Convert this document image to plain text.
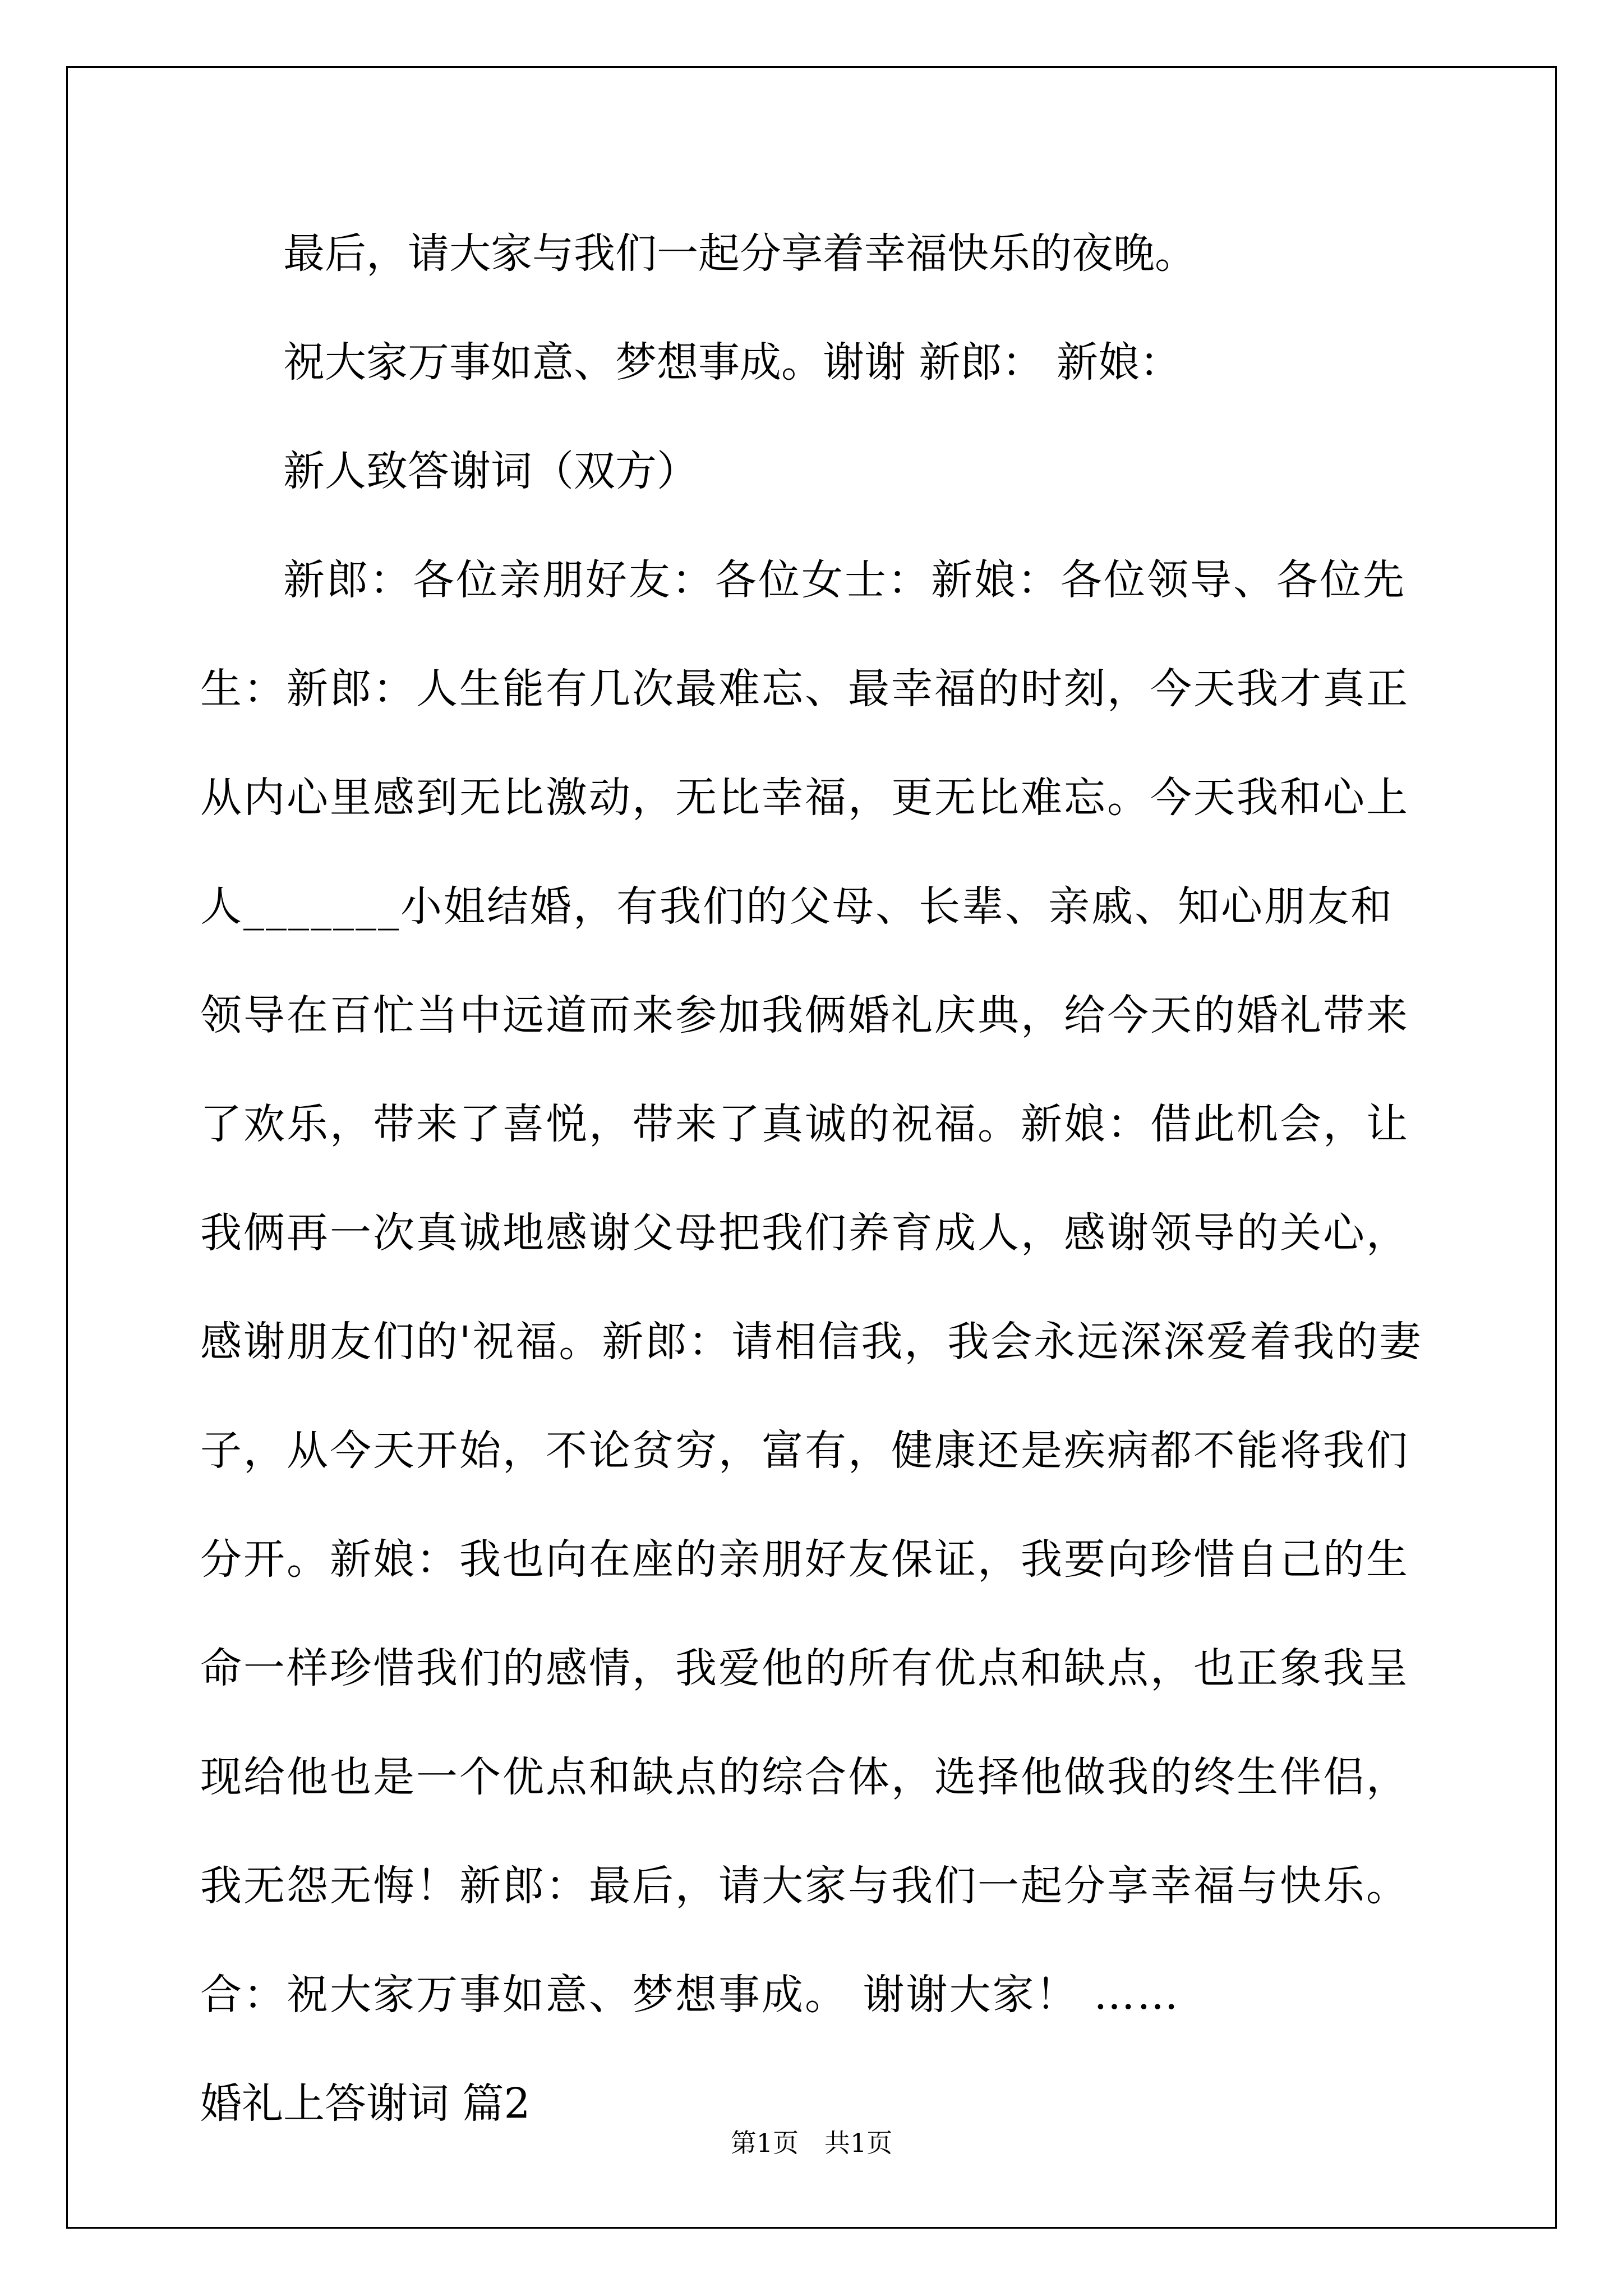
最后，请大家与我们一起分享着幸福快乐的夜晚。

祝大家万事如意、梦想事成。谢谢 新郎： 新娘：

新人致答谢词（双方）

新郎：各位亲朋好友：各位女士：新娘：各位领导、各位先生：新郎：人生能有几次最难忘、最幸福的时刻，今天我才真正从内心里感到无比激动，无比幸福，更无比难忘。今天我和心上人_______小姐结婚，有我们的父母、长辈、亲戚、知心朋友和领导在百忙当中远道而来参加我俩婚礼庆典，给今天的婚礼带来了欢乐，带来了喜悦，带来了真诚的祝福。新娘：借此机会，让我俩再一次真诚地感谢父母把我们养育成人，感谢领导的关心，感谢朋友们的'祝福。新郎：请相信我，我会永远深深爱着我的妻子，从今天开始，不论贫穷，富有，健康还是疾病都不能将我们分开。新娘：我也向在座的亲朋好友保证，我要向珍惜自己的生命一样珍惜我们的感情，我爱他的所有优点和缺点，也正象我呈现给他也是一个优点和缺点的综合体，选择他做我的终生伴侣，我无怨无悔！新郎：最后，请大家与我们一起分享幸福与快乐。合：祝大家万事如意、梦想事成。 谢谢大家！ ……

婚礼上答谢词 篇2

第1页　共1页
